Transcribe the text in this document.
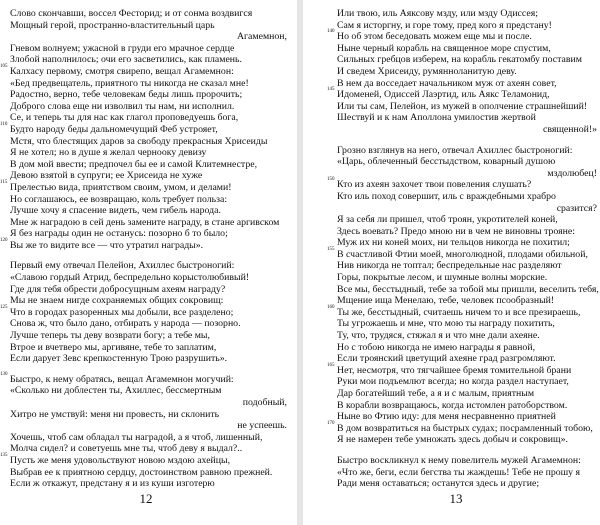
Слово скончавши, воссел Фесторид; и от сонма воздвигся
Мощный герой, пространно-властительный царь
Агамемнон,
Гневом волнуем; ужасной в груди его мрачное сердце
Злобой наполнилось; очи его засветились, как пламень.
105 Калхасу первому, смотря свирепо, вещал Агамемнон:
«Бед предвещатель, приятного ты никогда не сказал мне!
Радостно, верно, тебе человекам беды лишь пророчить;
Доброго слова еще ни изволвил ты нам, ни исполнил.
Се, и теперь ты для нас как глагол проповедуешь бога,
110 Будто народу беды дальномечущий Феб устрояет,
Мстя, что блестящих даров за свободу прекрасныя Хрисеиды
Я не хотел; но в душе я желал чернооку девизу
В дом мой ввести; предпочел бы ее и самой Клитемнестре,
Девою взятой в супруги; ее Хрисеида не хуже
115 Прелестью вида, приятством своим, умом, и делами!
Но соглашаюсь, ее возвращаю, коль требует польза:
Лучше хочу я спасение видеть, чем гибель народа.
Мне ж наградою в сей день замените награду, в стане аргивском
Я без награды один не останусь: позорно б то было;
120 Вы же то видите все — что утратил награды».
Первый ему отвечал Пелейон, Ахиллес быстроногий:
«Славою гордый Атрид, беспредельно корыстолюбивый!
Где для тебя обрести добросущным ахеям награду?
Мы не знаем нигде сохраняемых общих сокровищ:
125 Что в городах разоренных мы добыли, все разделено;
Снова ж, что было дано, отбирать у народа — позорно.
Лучше теперь ты деву возврати богу; а тебе мы,
Втрое и вчетверо мы, аргивяне, тебе то заплатим,
Если дарует Зевс крепкостенную Трою разрушить».
130 Быстро, к нему обратясь, вещал Агамемнон могучий:
«Сколько ни доблестен ты, Ахиллес, бессмертным
подобный,
Хитро не умствуй: меня ни провесть, ни склонить
не успеешь.
Хочешь, чтоб сам обладал ты наградой, а я чтоб, лишенный,
Молча сидел? и советуешь мне ты, чтоб деву я выдал?..
135 Пусть же меня удовольствуют новою мздою ахейцы,
Выбрав ее к приятною сердцу, достоинством равною прежней.
Если ж откажут, предстану я и из куши изготерю
12
Или твою, иль Аяксову мзду, или мзду Одиссея;
Сам я исторгну, и горе тому, пред кого я предстану!
140 Но об этом беседовать можем еще мы и после.
Ныне черный корабль на священное море спустим,
Сильных гребцов изберем, на корабль гекатомбу поставим
И сведем Хрисеиду, румянноланитую деву.
В нем да восседает начальником муж от ахеян совет,
145 Идоменей, Одиссей Лаэртид, иль Аякс Теламонид,
Или ты сам, Пелейон, из мужей в ополчение страшнейший!
Шествуй и к нам Аполлона умилостив жертвой
священной!»
Грозно взглянув на него, отвечал Ахиллес быстроногий:
«Царь, облеченный бесстыдством, коварный душою
мздолюбец!
150 Кто из ахеян захочет твои повеления слушать?
Кто иль поход совершит, иль с враждебными храбро
сразится?
Я за себя ли пришел, чтоб троян, укротителей коней,
Здесь воевать? Предо мною ни в чем не виновны трояне:
Муж их ни коней моих, ни тельцов никогда не похитил;
155 В счастливой Фтии моей, многолюдной, плодами обильной,
Нив никогда не топтал; беспредельные нас разделяют
Горы, покрытые лесом, и шумные волны морские.
Все мы, бесстыдный, тебе за тобой мы пришли, веселить тебя,
Мщение ища Менелаю, тебе, человек псообразный!
160 Ты же, бесстыдный, считаешь ничем то и все презираешь,
Ты угрожаешь и мне, что мою ты награду похитить,
Ту, что, трудяся, стяжал я и что мне дали ахеяне.
Но с тобою никогда не имею награды я равной,
Если троянский цветущий ахеяне град разгромляют.
165 Нет, несмотря, что тягчайшее бремя томительной брани
Руки мои подъемлют всегда; но когда раздел наступает,
Дар богатейший тебе, а я и с малым, приятным
В корабли возвращаюсь, когда истомлен ратоборством.
Ныне во Фтию иду: для меня несравненно приятней
170 В дом возвратиться на быстрых судах; посрамленный тобою,
Я не намерен тебе умножать здесь добыч и сокровищ».
Быстро воскликнул к нему повелитель мужей Агамемнон:
«Что же, беги, если бегства ты жаждешь! Тебе не прошу я
Ради меня оставаться; останутся здесь и другие;
13
